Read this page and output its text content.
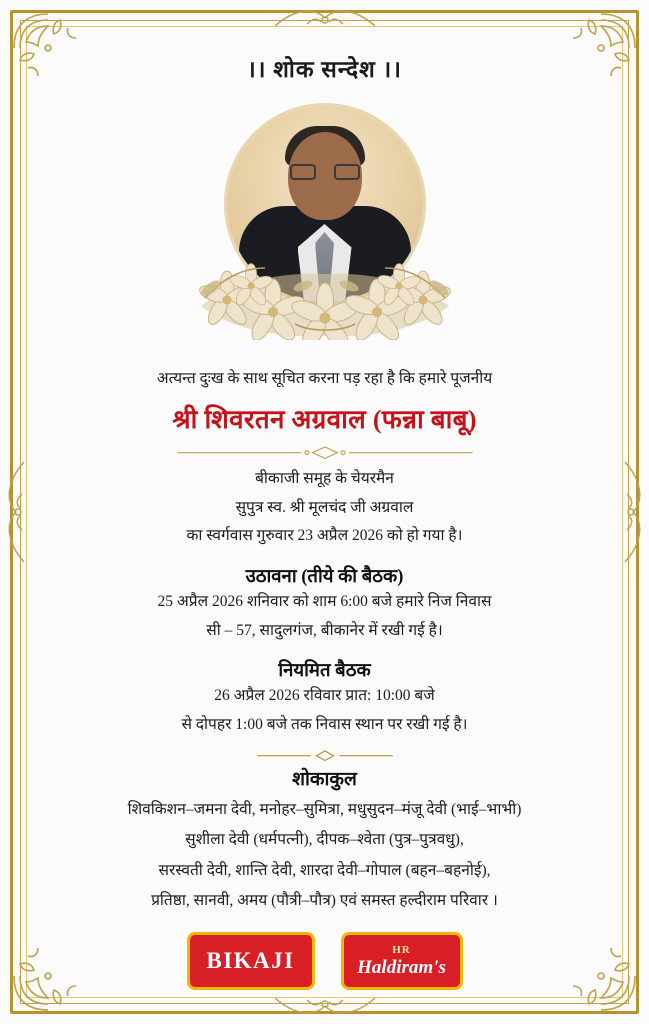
।। शोक सन्देश ।।
अत्यन्त दुःख के साथ सूचित करना पड़ रहा है कि हमारे पूजनीय
श्री शिवरतन अग्रवाल (फन्ना बाबू)
बीकाजी समूह के चेयरमैन
सुपुत्र स्व. श्री मूलचंद जी अग्रवाल
का स्वर्गवास गुरुवार 23 अप्रैल 2026 को हो गया है।
उठावना (तीये की बैठक)
25 अप्रैल 2026 शनिवार को शाम 6:00 बजे हमारे निज निवास
सी – 57, सादुलगंज, बीकानेर में रखी गई है।
नियमित बैठक
26 अप्रैल 2026 रविवार प्रात: 10:00 बजे
से दोपहर 1:00 बजे तक निवास स्थान पर रखी गई है।
शोकाकुल
शिवकिशन–जमना देवी, मनोहर–सुमित्रा, मधुसुदन–मंजू देवी (भाई–भाभी)
सुशीला देवी (धर्मपत्नी), दीपक–श्वेता (पुत्र–पुत्रवधु),
सरस्वती देवी, शान्ति देवी, शारदा देवी–गोपाल (बहन–बहनोई),
प्रतिष्ठा, सानवी, अमय (पौत्री–पौत्र) एवं समस्त हल्दीराम परिवार ।
BIKAJI	HR
Haldiram's
